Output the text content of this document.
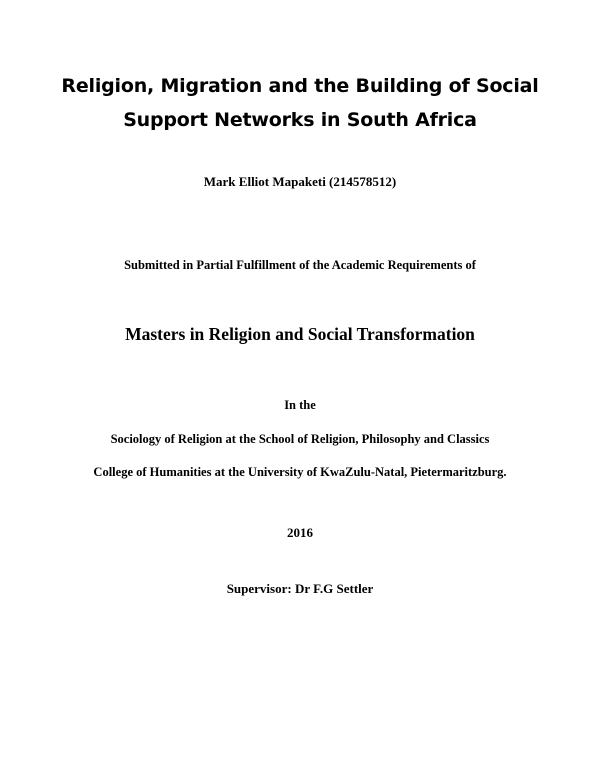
Religion, Migration and the Building of Social
Support Networks in South Africa
Mark Elliot Mapaketi (214578512)
Submitted in Partial Fulfillment of the Academic Requirements of
Masters in Religion and Social Transformation
In the
Sociology of Religion at the School of Religion, Philosophy and Classics
College of Humanities at the University of KwaZulu-Natal, Pietermaritzburg.
2016
Supervisor: Dr F.G Settler
